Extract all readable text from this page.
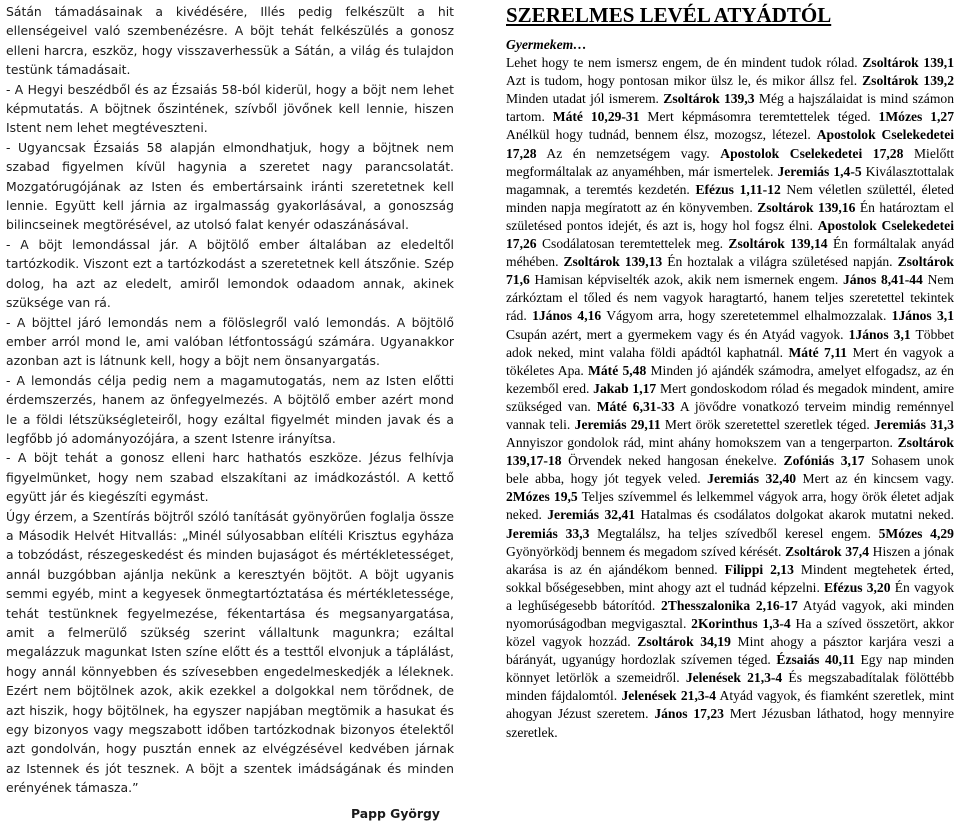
Sátán támadásainak a kivédésére, Illés pedig felkészült a hit ellenségeivel való szembenézésre. A böjt tehát felkészülés a gonosz elleni harcra, eszköz, hogy visszaverhessük a Sátán, a világ és tulajdon testünk támadásait.

- A Hegyi beszédből és az Ézsaiás 58-ból kiderül, hogy a böjt nem lehet képmutatás. A böjtnek őszintének, szívből jövőnek kell lennie, hiszen Istent nem lehet megtéveszteni.

- Ugyancsak Ézsaiás 58 alapján elmondhatjuk, hogy a böjtnek nem szabad figyelmen kívül hagynia a szeretet nagy parancsolatát. Mozgatórugójának az Isten és embertársaink iránti szeretetnek kell lennie. Együtt kell járnia az irgalmasság gyakorlásával, a gonoszság bilincseinek megtörésével, az utolsó falat kenyér odaszánásával.

- A böjt lemondással jár. A böjtölő ember általában az eledeltől tartózkodik. Viszont ezt a tartózkodást a szeretetnek kell átszőnie. Szép dolog, ha azt az eledelt, amiről lemondok odaadom annak, akinek szüksége van rá.

- A böjttel járó lemondás nem a fölöslegről való lemondás. A böjtölő ember arról mond le, ami valóban létfontosságú számára. Ugyanakkor azonban azt is látnunk kell, hogy a böjt nem önsanyargatás.

- A lemondás célja pedig nem a magamutogatás, nem az Isten előtti érdemszerzés, hanem az önfegyelmezés. A böjtölő ember azért mond le a földi létszükségleteiről, hogy ezáltal figyelmét minden javak és a legfőbb jó adományozójára, a szent Istenre irányítsa.

- A böjt tehát a gonosz elleni harc hathatós eszköze. Jézus felhívja figyelmünket, hogy nem szabad elszakítani az imádkozástól. A kettő együtt jár és kiegészíti egymást.

Úgy érzem, a Szentírás böjtről szóló tanítását gyönyörűen foglalja össze a Második Helvét Hitvallás: „Minél súlyosabban elítéli Krisztus egyháza a tobzódást, részegeskedést és minden bujaságot és mértékletességet, annál buzgóbban ajánlja nekünk a keresztyén böjtöt. A böjt ugyanis semmi egyéb, mint a kegyesek önmegtartóztatása és mértékletessége, tehát testünknek fegyelmezése, fékentartása és megsanyargatása, amit a felmerülő szükség szerint vállaltunk magunkra; ezáltal megalázzuk magunkat Isten színe előtt és a testtől elvonjuk a táplálást, hogy annál könnyebben és szívesebben engedelmeskedjék a léleknek. Ezért nem böjtölnek azok, akik ezekkel a dolgokkal nem törődnek, de azt hiszik, hogy böjtölnek, ha egyszer napjában megtömik a hasukat és egy bizonyos vagy megszabott időben tartózkodnak bizonyos ételektől azt gondolván, hogy pusztán ennek az elvégzésével kedvében járnak az Istennek és jót tesznek. A böjt a szentek imádságának és minden erényének támasza.”

Papp György

SZERELMES LEVÉL ATYÁDTÓL

Gyermekem…

Lehet hogy te nem ismersz engem, de én mindent tudok rólad. Zsoltárok 139,1 Azt is tudom, hogy pontosan mikor ülsz le, és mikor állsz fel. Zsoltárok 139,2 Minden utadat jól ismerem. Zsoltárok 139,3 Még a hajszálaidat is mind számon tartom. Máté 10,29-31 Mert képmásomra teremtettelek téged. 1Mózes 1,27 Anélkül hogy tudnád, bennem élsz, mozogsz, létezel. Apostolok Cselekedetei 17,28 Az én nemzetségem vagy. Apostolok Cselekedetei 17,28 Mielőtt megformáltalak az anyaméhben, már ismertelek. Jeremiás 1,4-5 Kiválasztottalak magamnak, a teremtés kezdetén. Efézus 1,11-12 Nem véletlen születtél, életed minden napja megíratott az én könyvemben. Zsoltárok 139,16 Én határoztam el születésed pontos idejét, és azt is, hogy hol fogsz élni. Apostolok Cselekedetei 17,26 Csodálatosan teremtettelek meg. Zsoltárok 139,14 Én formáltalak anyád méhében. Zsoltárok 139,13 Én hoztalak a világra születésed napján. Zsoltárok 71,6 Hamisan képviselték azok, akik nem ismernek engem. János 8,41-44 Nem zárkóztam el tőled és nem vagyok haragtartó, hanem teljes szeretettel tekintek rád. 1János 4,16 Vágyom arra, hogy szeretetemmel elhalmozzalak. 1János 3,1 Csupán azért, mert a gyermekem vagy és én Atyád vagyok. 1János 3,1 Többet adok neked, mint valaha földi apádtól kaphatnál. Máté 7,11 Mert én vagyok a tökéletes Apa. Máté 5,48 Minden jó ajándék számodra, amelyet elfogadsz, az én kezemből ered. Jakab 1,17 Mert gondoskodom rólad és megadok mindent, amire szükséged van. Máté 6,31-33 A jövődre vonatkozó terveim mindig reménnyel vannak teli. Jeremiás 29,11 Mert örök szeretettel szeretlek téged. Jeremiás 31,3 Annyiszor gondolok rád, mint ahány homokszem van a tengerparton. Zsoltárok 139,17-18 Örvendek neked hangosan énekelve. Zofóniás 3,17 Sohasem unok bele abba, hogy jót tegyek veled. Jeremiás 32,40 Mert az én kincsem vagy. 2Mózes 19,5 Teljes szívemmel és lelkemmel vágyok arra, hogy örök életet adjak neked. Jeremiás 32,41 Hatalmas és csodálatos dolgokat akarok mutatni neked. Jeremiás 33,3 Megtalálsz, ha teljes szívedből keresel engem. 5Mózes 4,29 Gyönyörködj bennem és megadom szíved kérését. Zsoltárok 37,4 Hiszen a jónak akarása is az én ajándékom benned. Filippi 2,13 Mindent megtehetek érted, sokkal bőségesebben, mint ahogy azt el tudnád képzelni. Efézus 3,20 Én vagyok a leghűségesebb bátorítód. 2Thesszalonika 2,16-17 Atyád vagyok, aki minden nyomorúságodban megvigasztal. 2Korinthus 1,3-4 Ha a szíved összetört, akkor közel vagyok hozzád. Zsoltárok 34,19 Mint ahogy a pásztor karjára veszi a bárányát, ugyanúgy hordozlak szívemen téged. Ézsaiás 40,11 Egy nap minden könnyet letörlök a szemeidről. Jelenések 21,3-4 És megszabadítalak fölöttébb minden fájdalomtól. Jelenések 21,3-4 Atyád vagyok, és fiamként szeretlek, mint ahogyan Jézust szeretem. János 17,23 Mert Jézusban láthatod, hogy mennyire szeretlek.
